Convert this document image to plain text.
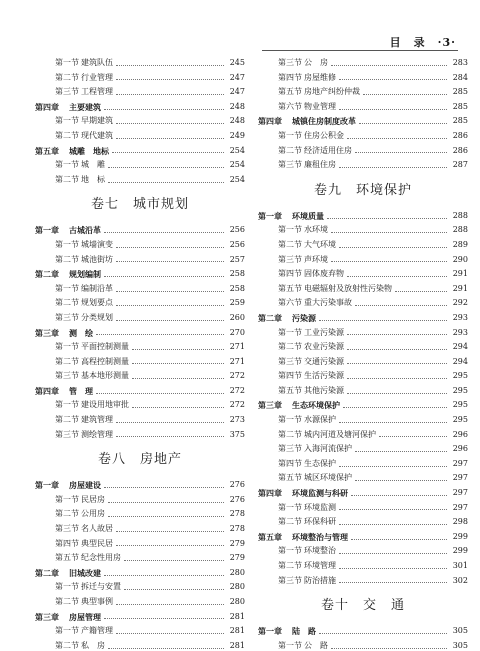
目　录　·3·
第一节 建筑队伍	245
第二节 行业管理	247
第三节 工程管理	247
第四章	主要建筑	248
第一节 早期建筑	248
第二节 现代建筑	249
第五章	城雕　地标	254
第一节 城　雕	254
第二节 地　标	254
卷七　城市规划
第一章	古城沿革	256
第一节 城墙演变	256
第二节 城池街坊	257
第二章	规划编制	258
第一节 编制沿革	258
第二节 规划要点	259
第三节 分类规划	260
第三章	测　绘	270
第一节 平面控制测量	271
第二节 高程控制测量	271
第三节 基本地形测量	272
第四章	管　理	272
第一节 建设用地审批	272
第二节 建筑管理	273
第三节 测绘管理	375
卷八　房地产
第一章	房屋建设	276
第一节 民居房	276
第二节 公用房	278
第三节 名人故居	278
第四节 典型民居	279
第五节 纪念性用房	279
第二章	旧城改建	280
第一节 拆迁与安置	280
第二节 典型事例	280
第三章	房屋管理	281
第一节 产籍管理	281
第二节 私　房	281
第三节 公　房	283
第四节 房屋维修	284
第五节 房地产纠纷仲裁	285
第六节 物业管理	285
第四章	城镇住房制度改革	285
第一节 住房公积金	286
第二节 经济适用住房	286
第三节 廉租住房	287
卷九　环境保护
第一章	环境质量	288
第一节 水环境	288
第二节 大气环境	289
第三节 声环境	290
第四节 固体废弃物	291
第五节 电磁辐射及放射性污染物	291
第六节 重大污染事故	292
第二章	污染源	293
第一节 工业污染源	293
第二节 农业污染源	294
第三节 交通污染源	294
第四节 生活污染源	295
第五节 其他污染源	295
第三章	生态环境保护	295
第一节 水源保护	295
第二节 城内河道及塘河保护	296
第三节 入海河流保护	296
第四节 生态保护	297
第五节 城区环境保护	297
第四章	环境监测与科研	297
第一节 环境监测	297
第二节 环保科研	298
第五章	环境整治与管理	299
第一节 环境整治	299
第二节 环境管理	301
第三节 防治措施	302
卷十　交　通
第一章	陆　路	305
第一节 公　路	305
